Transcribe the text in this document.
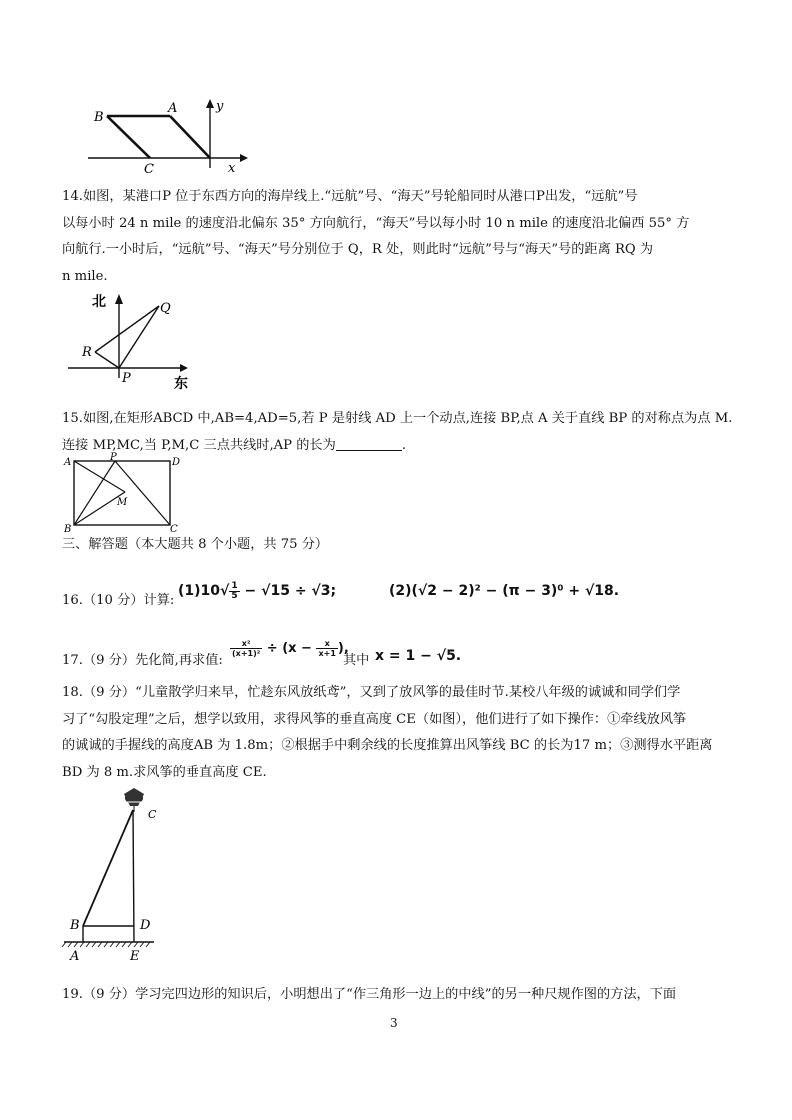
B
A	y
C	x
14.如图，某港口P 位于东西方向的海岸线上.“远航”号、“海天”号轮船同时从港口P出发，“远航”号
以每小时 24 n mile 的速度沿北偏东 35° 方向航行，“海天”号以每小时 10 n mile 的速度沿北偏西 55° 方
向航行.一小时后，“远航”号、“海天”号分别位于 Q，R 处，则此时“远航”号与“海天”号的距离 RQ 为
n mile.
北	Q
R
P	东
15.如图,在矩形ABCD 中,AB=4,AD=5,若 P 是射线 AD 上一个动点,连接 BP,点 A 关于直线 BP 的对称点为点 M.
连接 MP,MC,当 P,M,C 三点共线时,AP 的长为	.
A	P	D
M
B	C
三、解答题（本大题共 8 个小题，共 75 分）
16.（10 分）计算:
$(1)10√ \frac{1}{5} - √15 \div √3$;	(2)(√2 − 2)² − (π − 3)⁰ + √18.
17.（9 分）先化简,再求值:
$\frac{\text{x²}}{\text{(x+1)²}} \div (x - \frac{x}{x+1}$ ),
其中 x = 1 − √5.
18.（9 分）“儿童散学归来早，忙趁东风放纸鸢”，又到了放风筝的最佳时节.某校八年级的诚诚和同学们学
习了“勾股定理”之后，想学以致用，求得风筝的垂直高度 CE（如图），他们进行了如下操作：①牵线放风筝
的诚诚的手握线的高度AB 为 1.8m；②根据手中剩余线的长度推算出风筝线 BC 的长为17 m；③测得水平距离
BD 为 8 m.求风筝的垂直高度 CE.
C
B	D
A	E
19.（9 分）学习完四边形的知识后，小明想出了“作三角形一边上的中线”的另一种尺规作图的方法，下面
3
